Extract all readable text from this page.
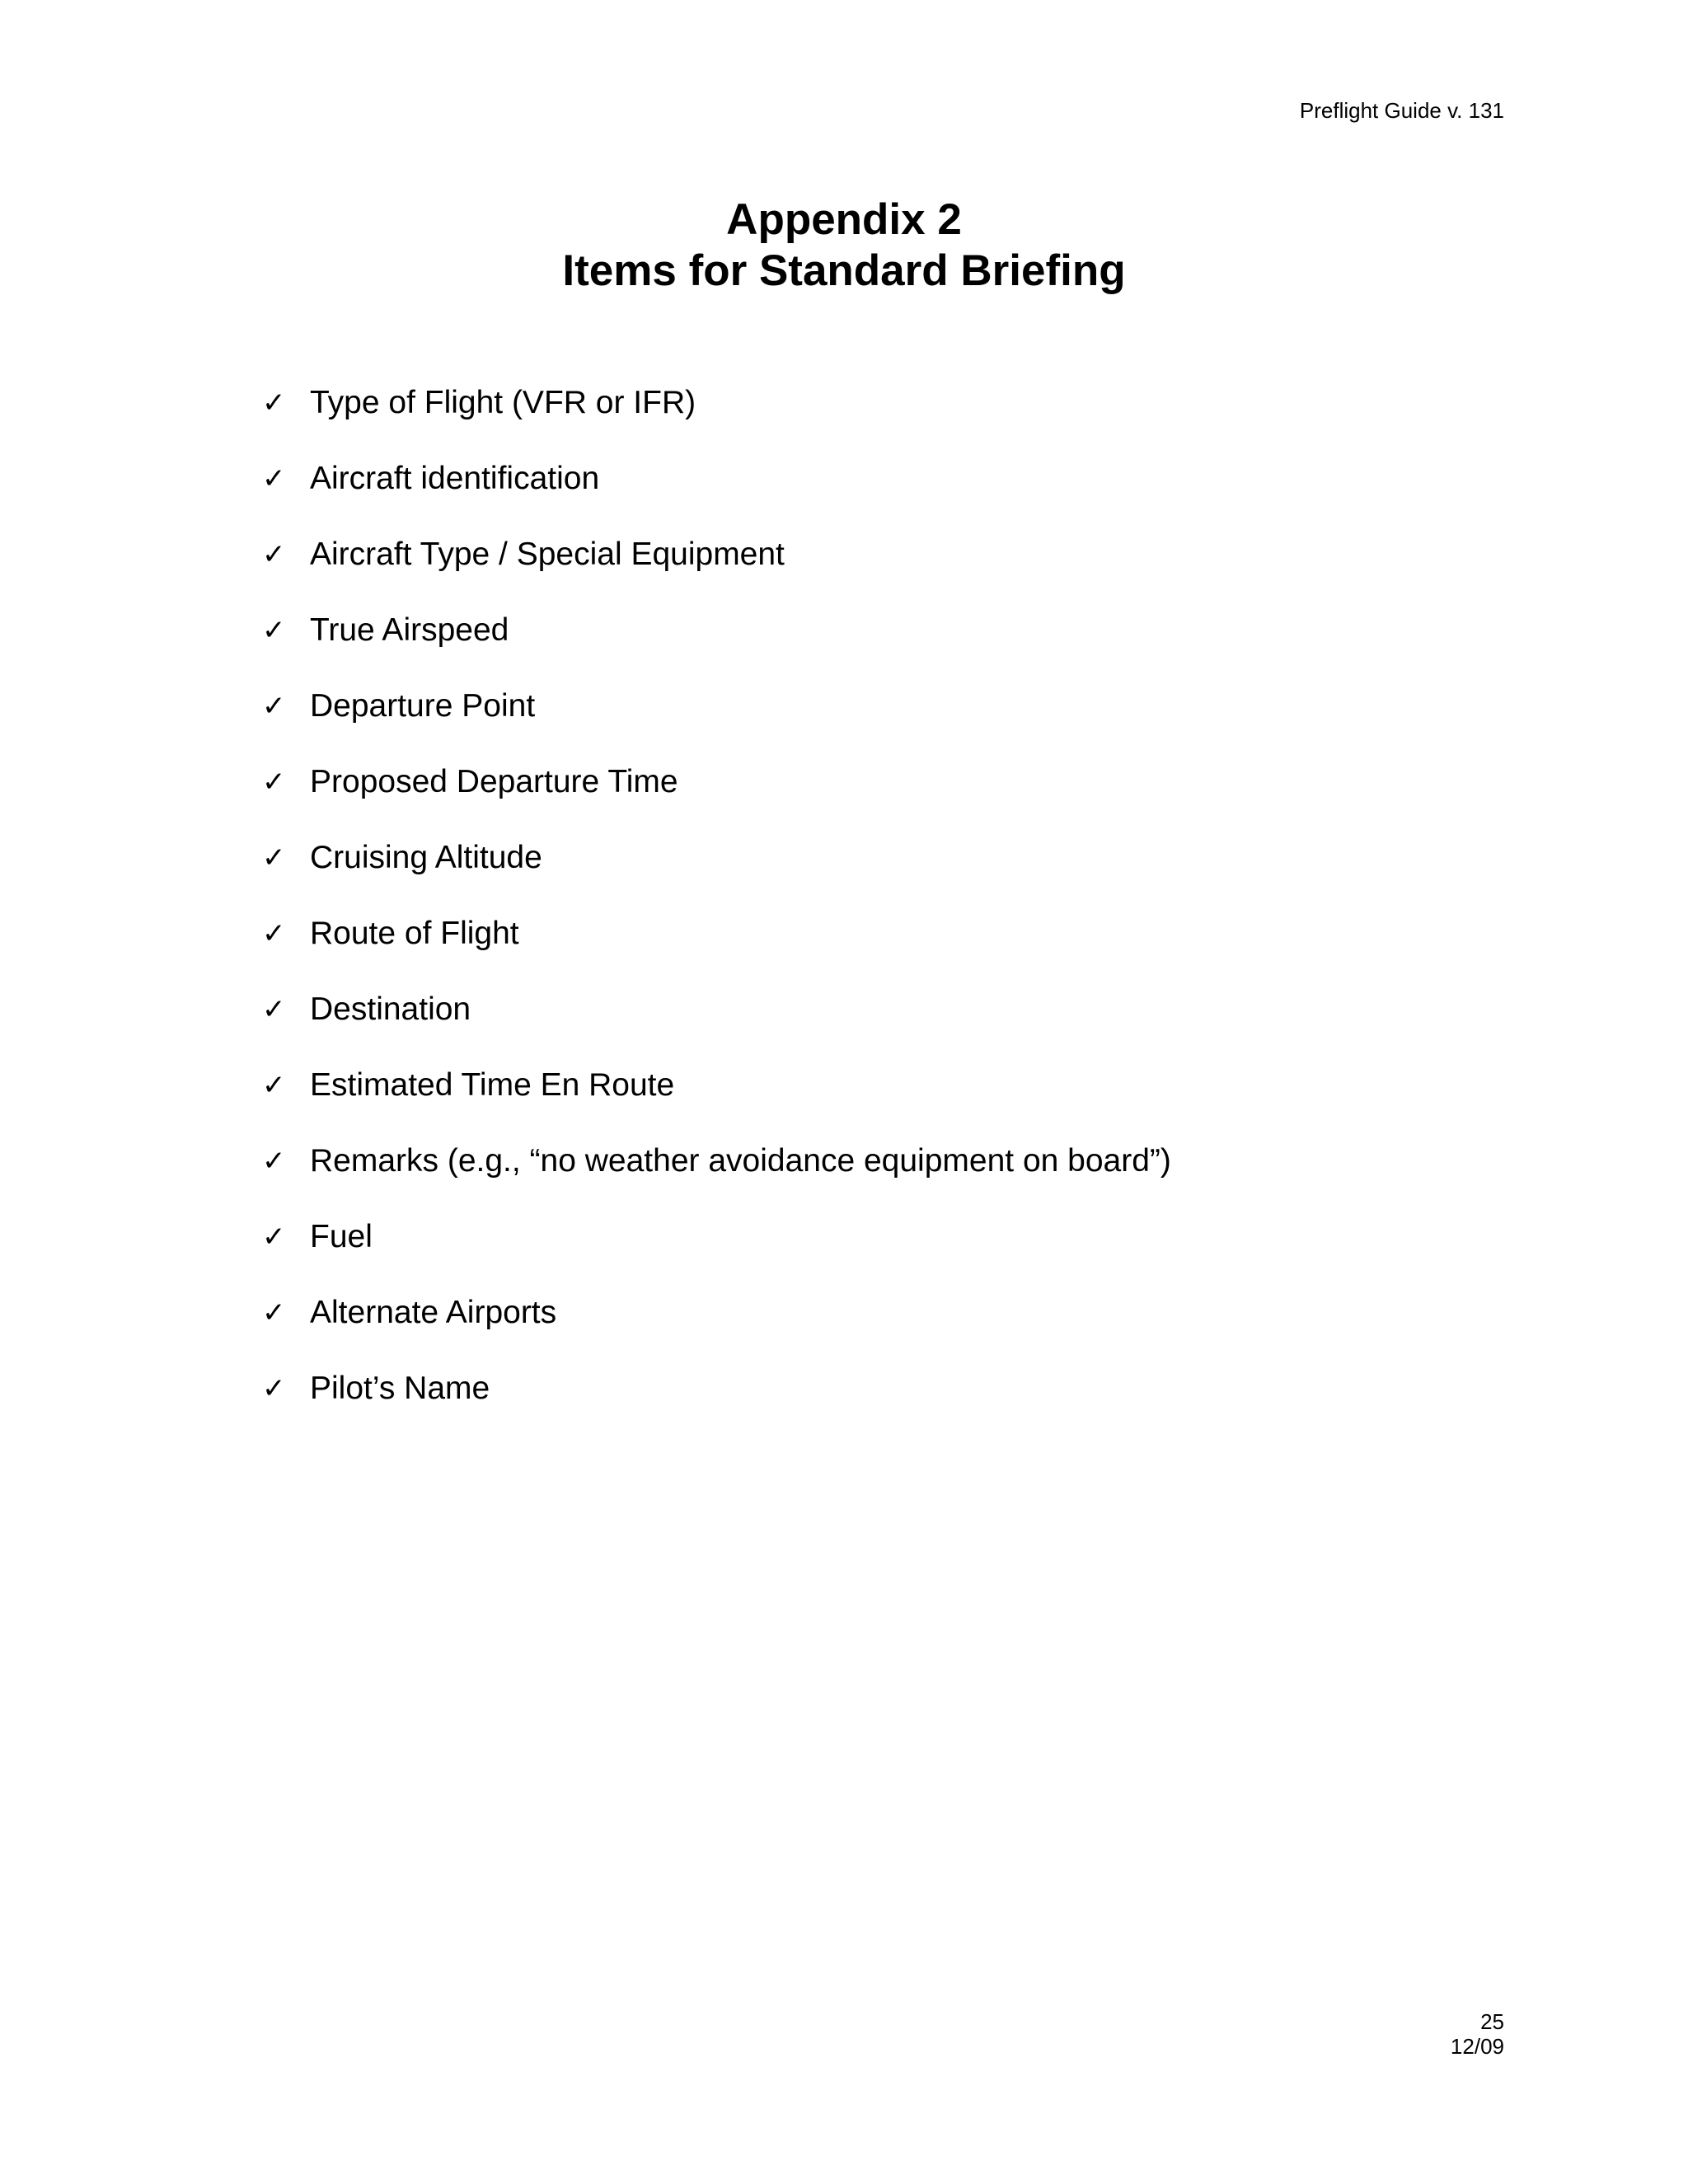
Preflight Guide v. 131
Appendix 2
Items for Standard Briefing
✓ Type of Flight (VFR or IFR)
✓ Aircraft identification
✓ Aircraft Type / Special Equipment
✓ True Airspeed
✓ Departure Point
✓ Proposed Departure Time
✓ Cruising Altitude
✓ Route of Flight
✓ Destination
✓ Estimated Time En Route
✓ Remarks (e.g., “no weather avoidance equipment on board”)
✓ Fuel
✓ Alternate Airports
✓ Pilot’s Name
25
12/09
